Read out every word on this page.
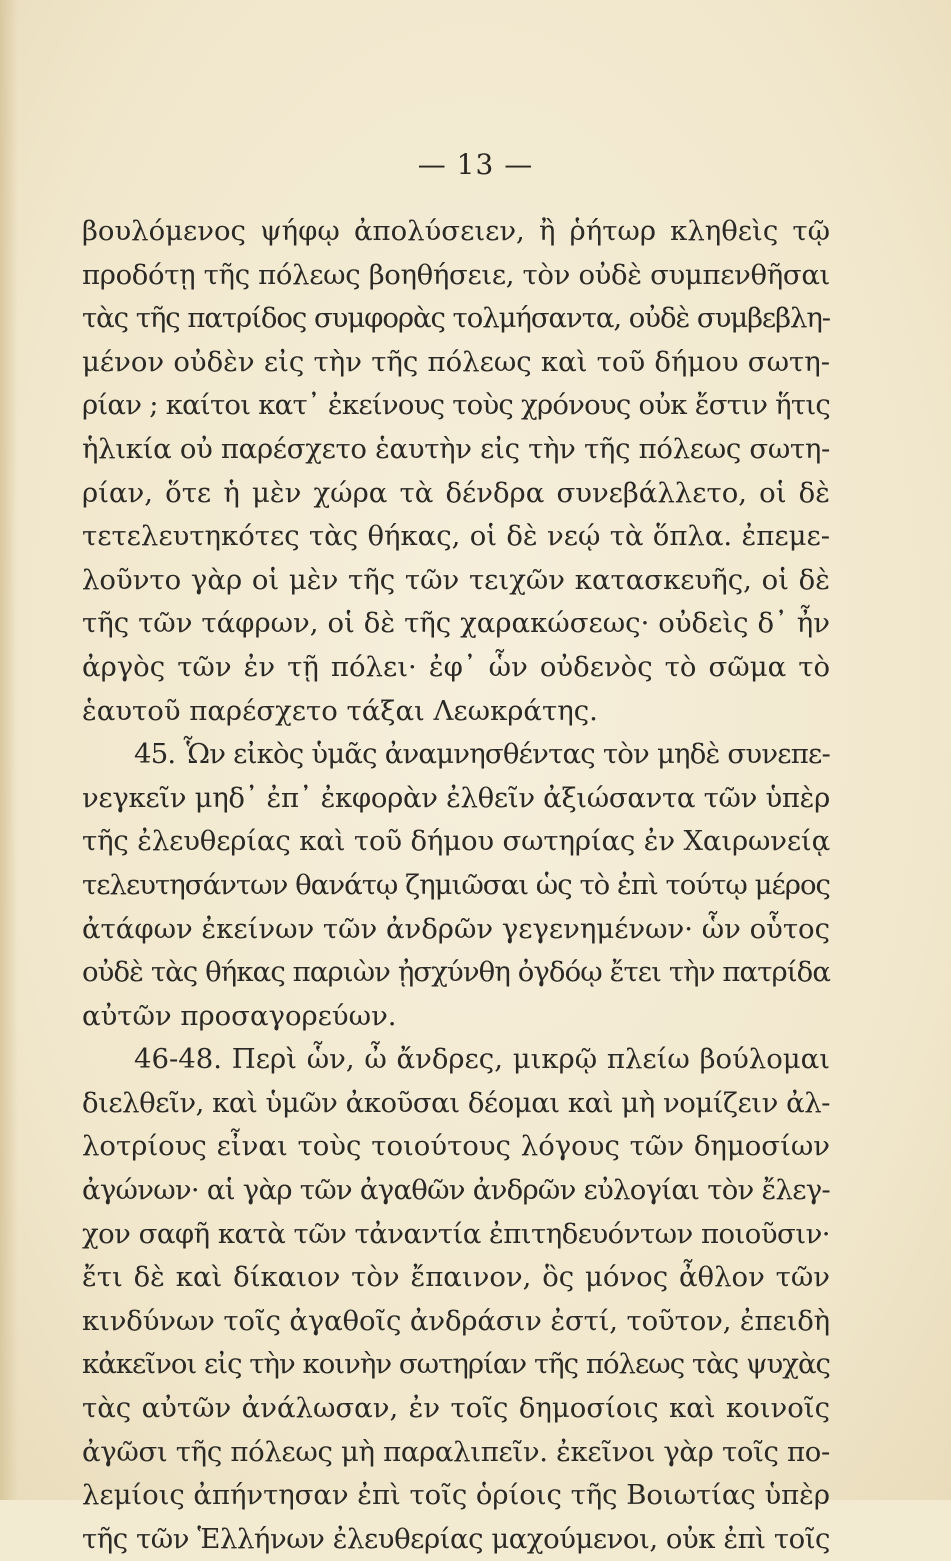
— 13 —
βουλόμενος ψήφῳ ἀπολύσειεν, ἢ ῥήτωρ κληθεὶς τῷ
προδότῃ τῆς πόλεως βοηθήσειε, τὸν οὐδὲ συμπενθῆσαι
τὰς τῆς πατρίδος συμφορὰς τολμήσαντα, οὐδὲ συμβεβλη-
μένον οὐδὲν εἰς τὴν τῆς πόλεως καὶ τοῦ δήμου σωτη-
ρίαν ; καίτοι κατ᾽ ἐκείνους τοὺς χρόνους οὐκ ἔστιν ἥτις
ἡλικία οὐ παρέσχετο ἑαυτὴν εἰς τὴν τῆς πόλεως σωτη-
ρίαν, ὅτε ἡ μὲν χώρα τὰ δένδρα συνεβάλλετο, οἱ δὲ
τετελευτηκότες τὰς θήκας, οἱ δὲ νεῴ τὰ ὅπλα. ἐπεμε-
λοῦντο γὰρ οἱ μὲν τῆς τῶν τειχῶν κατασκευῆς, οἱ δὲ
τῆς τῶν τάφρων, οἱ δὲ τῆς χαρακώσεως· οὐδεὶς δ᾽ ἦν
ἀργὸς τῶν ἐν τῇ πόλει· ἐφ᾽ ὧν οὐδενὸς τὸ σῶμα τὸ
ἑαυτοῦ παρέσχετο τάξαι Λεωκράτης.
45. Ὧν εἰκὸς ὑμᾶς ἀναμνησθέντας τὸν μηδὲ συνεπε-
νεγκεῖν μηδ᾽ ἐπ᾽ ἐκφορὰν ἐλθεῖν ἀξιώσαντα τῶν ὑπὲρ
τῆς ἐλευθερίας καὶ τοῦ δήμου σωτηρίας ἐν Χαιρωνείᾳ
τελευτησάντων θανάτῳ ζημιῶσαι ὡς τὸ ἐπὶ τούτῳ μέρος
ἀτάφων ἐκείνων τῶν ἀνδρῶν γεγενημένων· ὧν οὗτος
οὐδὲ τὰς θήκας παριὼν ᾐσχύνθη ὀγδόῳ ἔτει τὴν πατρίδα
αὐτῶν προσαγορεύων.
46-48. Περὶ ὧν, ὦ ἄνδρες, μικρῷ πλείω βούλομαι
διελθεῖν, καὶ ὑμῶν ἀκοῦσαι δέομαι καὶ μὴ νομίζειν ἀλ-
λοτρίους εἶναι τοὺς τοιούτους λόγους τῶν δημοσίων
ἀγώνων· αἱ γὰρ τῶν ἀγαθῶν ἀνδρῶν εὐλογίαι τὸν ἔλεγ-
χον σαφῆ κατὰ τῶν τἀναντία ἐπιτηδευόντων ποιοῦσιν·
ἔτι δὲ καὶ δίκαιον τὸν ἔπαινον, ὃς μόνος ἆθλον τῶν
κινδύνων τοῖς ἀγαθοῖς ἀνδράσιν ἐστί, τοῦτον, ἐπειδὴ
κἀκεῖνοι εἰς τὴν κοινὴν σωτηρίαν τῆς πόλεως τὰς ψυχὰς
τὰς αὐτῶν ἀνάλωσαν, ἐν τοῖς δημοσίοις καὶ κοινοῖς
ἀγῶσι τῆς πόλεως μὴ παραλιπεῖν. ἐκεῖνοι γὰρ τοῖς πο-
λεμίοις ἀπήντησαν ἐπὶ τοῖς ὁρίοις τῆς Βοιωτίας ὑπὲρ
τῆς τῶν Ἑλλήνων ἐλευθερίας μαχούμενοι, οὐκ ἐπὶ τοῖς
